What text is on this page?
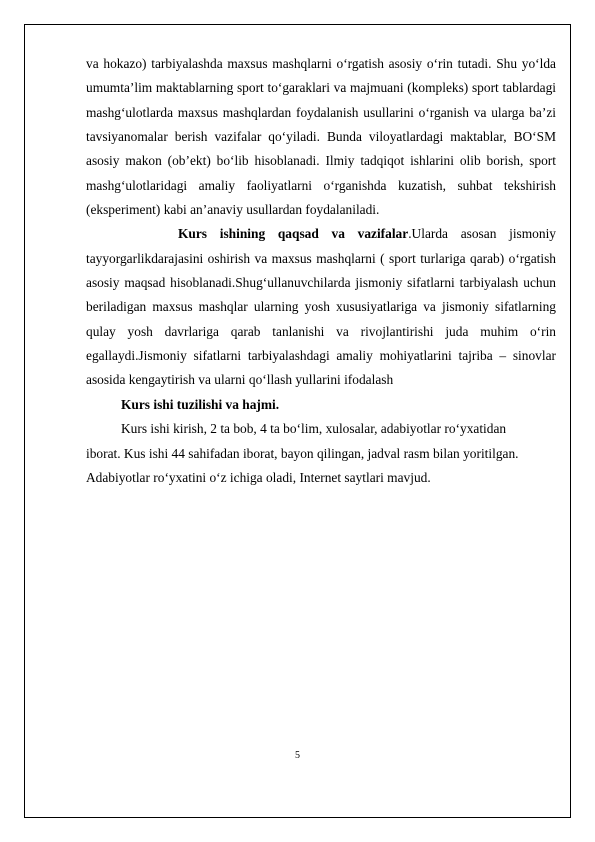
va hokazo) tarbiyalashda maxsus mashqlarni o‘rgatish asosiy o‘rin tutadi. Shu yo‘lda umumta’lim maktablarning sport to‘garaklari va majmuani (kompleks) sport tablardagi mashg‘ulotlarda maxsus mashqlardan foydalanish usullarini o‘rganish va ularga ba’zi tavsiyanomalar berish vazifalar qo‘yiladi. Bunda viloyatlardagi maktablar, BO‘SM asosiy makon (ob’ekt) bo‘lib hisoblanadi. Ilmiy tadqiqot ishlarini olib borish, sport mashg‘ulotlaridagi amaliy faoliyatlarni o‘rganishda kuzatish, suhbat tekshirish (eksperiment) kabi an’anaviy usullardan foydalaniladi.

Kurs ishining qaqsad va vazifalar.Ularda asosan jismoniy tayyorgarlikdarajasini oshirish va maxsus mashqlarni ( sport turlariga qarab) o‘rgatish asosiy maqsad hisoblanadi.Shug‘ullanuvchilarda jismoniy sifatlarni tarbiyalash uchun beriladigan maxsus mashqlar ularning yosh xususiyatlariga va jismoniy sifatlarning qulay yosh davrlariga qarab tanlanishi va rivojlantirishi juda muhim o‘rin egallaydi.Jismoniy sifatlarni tarbiyalashdagi amaliy mohiyatlarini tajriba – sinovlar asosida kengaytirish va ularni qo‘llash yullarini ifodalash

Kurs ishi tuzilishi va hajmi.

Kurs ishi kirish, 2 ta bob, 4 ta bo‘lim, xulosalar, adabiyotlar ro‘yxatidan

iborat. Kus ishi 44 sahifadan iborat, bayon qilingan, jadval rasm bilan yoritilgan.

Adabiyotlar ro‘yxatini o‘z ichiga oladi, Internet saytlari mavjud.

5
